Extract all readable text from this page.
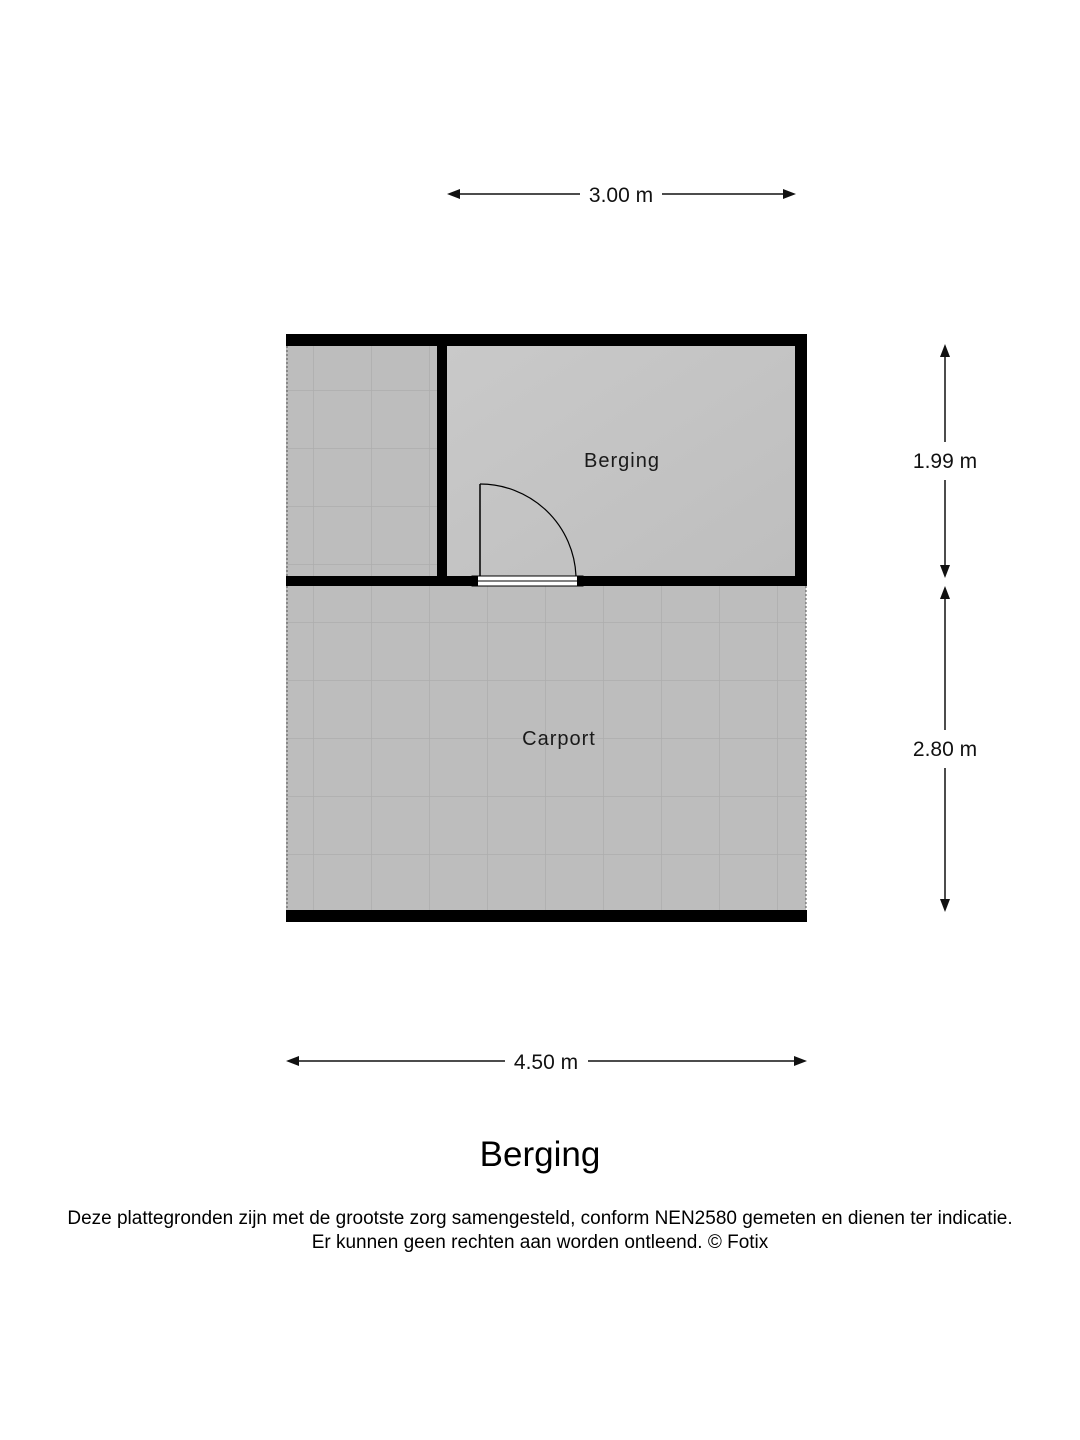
Berging
Carport
3.00 m
4.50 m
1.99 m
2.80 m
Berging

Deze plattegronden zijn met de grootste zorg samengesteld, conform NEN2580 gemeten en dienen ter indicatie.
Er kunnen geen rechten aan worden ontleend. © Fotix
